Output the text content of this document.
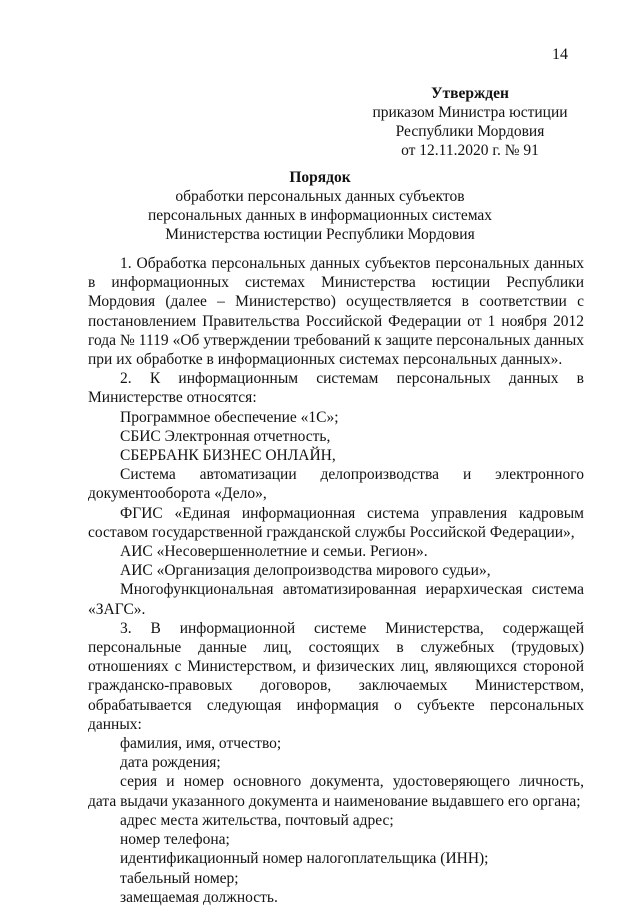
14
Утвержден
приказом Министра юстиции
Республики Мордовия
от 12.11.2020 г. № 91
Порядок
обработки персональных данных субъектов
персональных данных в информационных системах
Министерства юстиции Республики Мордовия

1. Обработка персональных данных субъектов персональных данных в информационных системах Министерства юстиции Республики Мордовия (далее – Министерство) осуществляется в соответствии с постановлением Правительства Российской Федерации от 1 ноября 2012 года № 1119 «Об утверждении требований к защите персональных данных при их обработке в информационных системах персональных данных».

2. К информационным системам персональных данных в Министерстве относятся:

Программное обеспечение «1С»;

СБИС Электронная отчетность,

СБЕРБАНК БИЗНЕС ОНЛАЙН,

Система автоматизации делопроизводства и электронного документооборота «Дело»,

ФГИС «Единая информационная система управления кадровым составом государственной гражданской службы Российской Федерации»,

АИС «Несовершеннолетние и семьи. Регион».

АИС «Организация делопроизводства мирового судьи»,

Многофункциональная автоматизированная иерархическая система «ЗАГС».

3. В информационной системе Министерства, содержащей персональные данные лиц, состоящих в служебных (трудовых) отношениях с Министерством, и физических лиц, являющихся стороной гражданско-правовых договоров, заключаемых Министерством, обрабатывается следующая информация о субъекте персональных данных:

фамилия, имя, отчество;

дата рождения;

серия и номер основного документа, удостоверяющего личность, дата выдачи указанного документа и наименование выдавшего его органа;

адрес места жительства, почтовый адрес;

номер телефона;

идентификационный номер налогоплательщика (ИНН);

табельный номер;

замещаемая должность.
